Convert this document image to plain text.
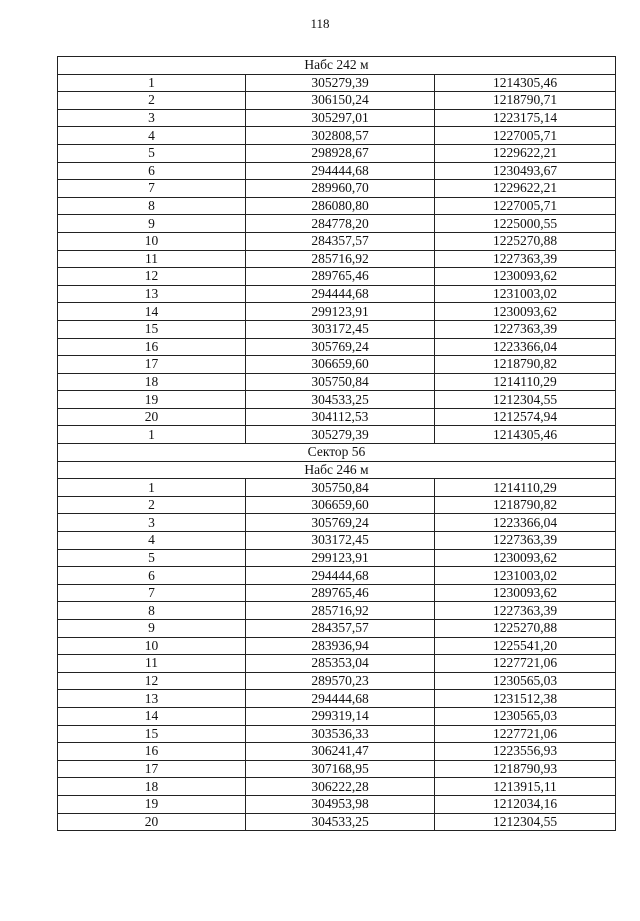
118
Набс 242 м		
1	305279,39	1214305,46
2	306150,24	1218790,71
3	305297,01	1223175,14
4	302808,57	1227005,71
5	298928,67	1229622,21
6	294444,68	1230493,67
7	289960,70	1229622,21
8	286080,80	1227005,71
9	284778,20	1225000,55
10	284357,57	1225270,88
11	285716,92	1227363,39
12	289765,46	1230093,62
13	294444,68	1231003,02
14	299123,91	1230093,62
15	303172,45	1227363,39
16	305769,24	1223366,04
17	306659,60	1218790,82
18	305750,84	1214110,29
19	304533,25	1212304,55
20	304112,53	1212574,94
1	305279,39	1214305,46
Сектор 56		
Набс 246 м		
1	305750,84	1214110,29
2	306659,60	1218790,82
3	305769,24	1223366,04
4	303172,45	1227363,39
5	299123,91	1230093,62
6	294444,68	1231003,02
7	289765,46	1230093,62
8	285716,92	1227363,39
9	284357,57	1225270,88
10	283936,94	1225541,20
11	285353,04	1227721,06
12	289570,23	1230565,03
13	294444,68	1231512,38
14	299319,14	1230565,03
15	303536,33	1227721,06
16	306241,47	1223556,93
17	307168,95	1218790,93
18	306222,28	1213915,11
19	304953,98	1212034,16
20	304533,25	1212304,55
